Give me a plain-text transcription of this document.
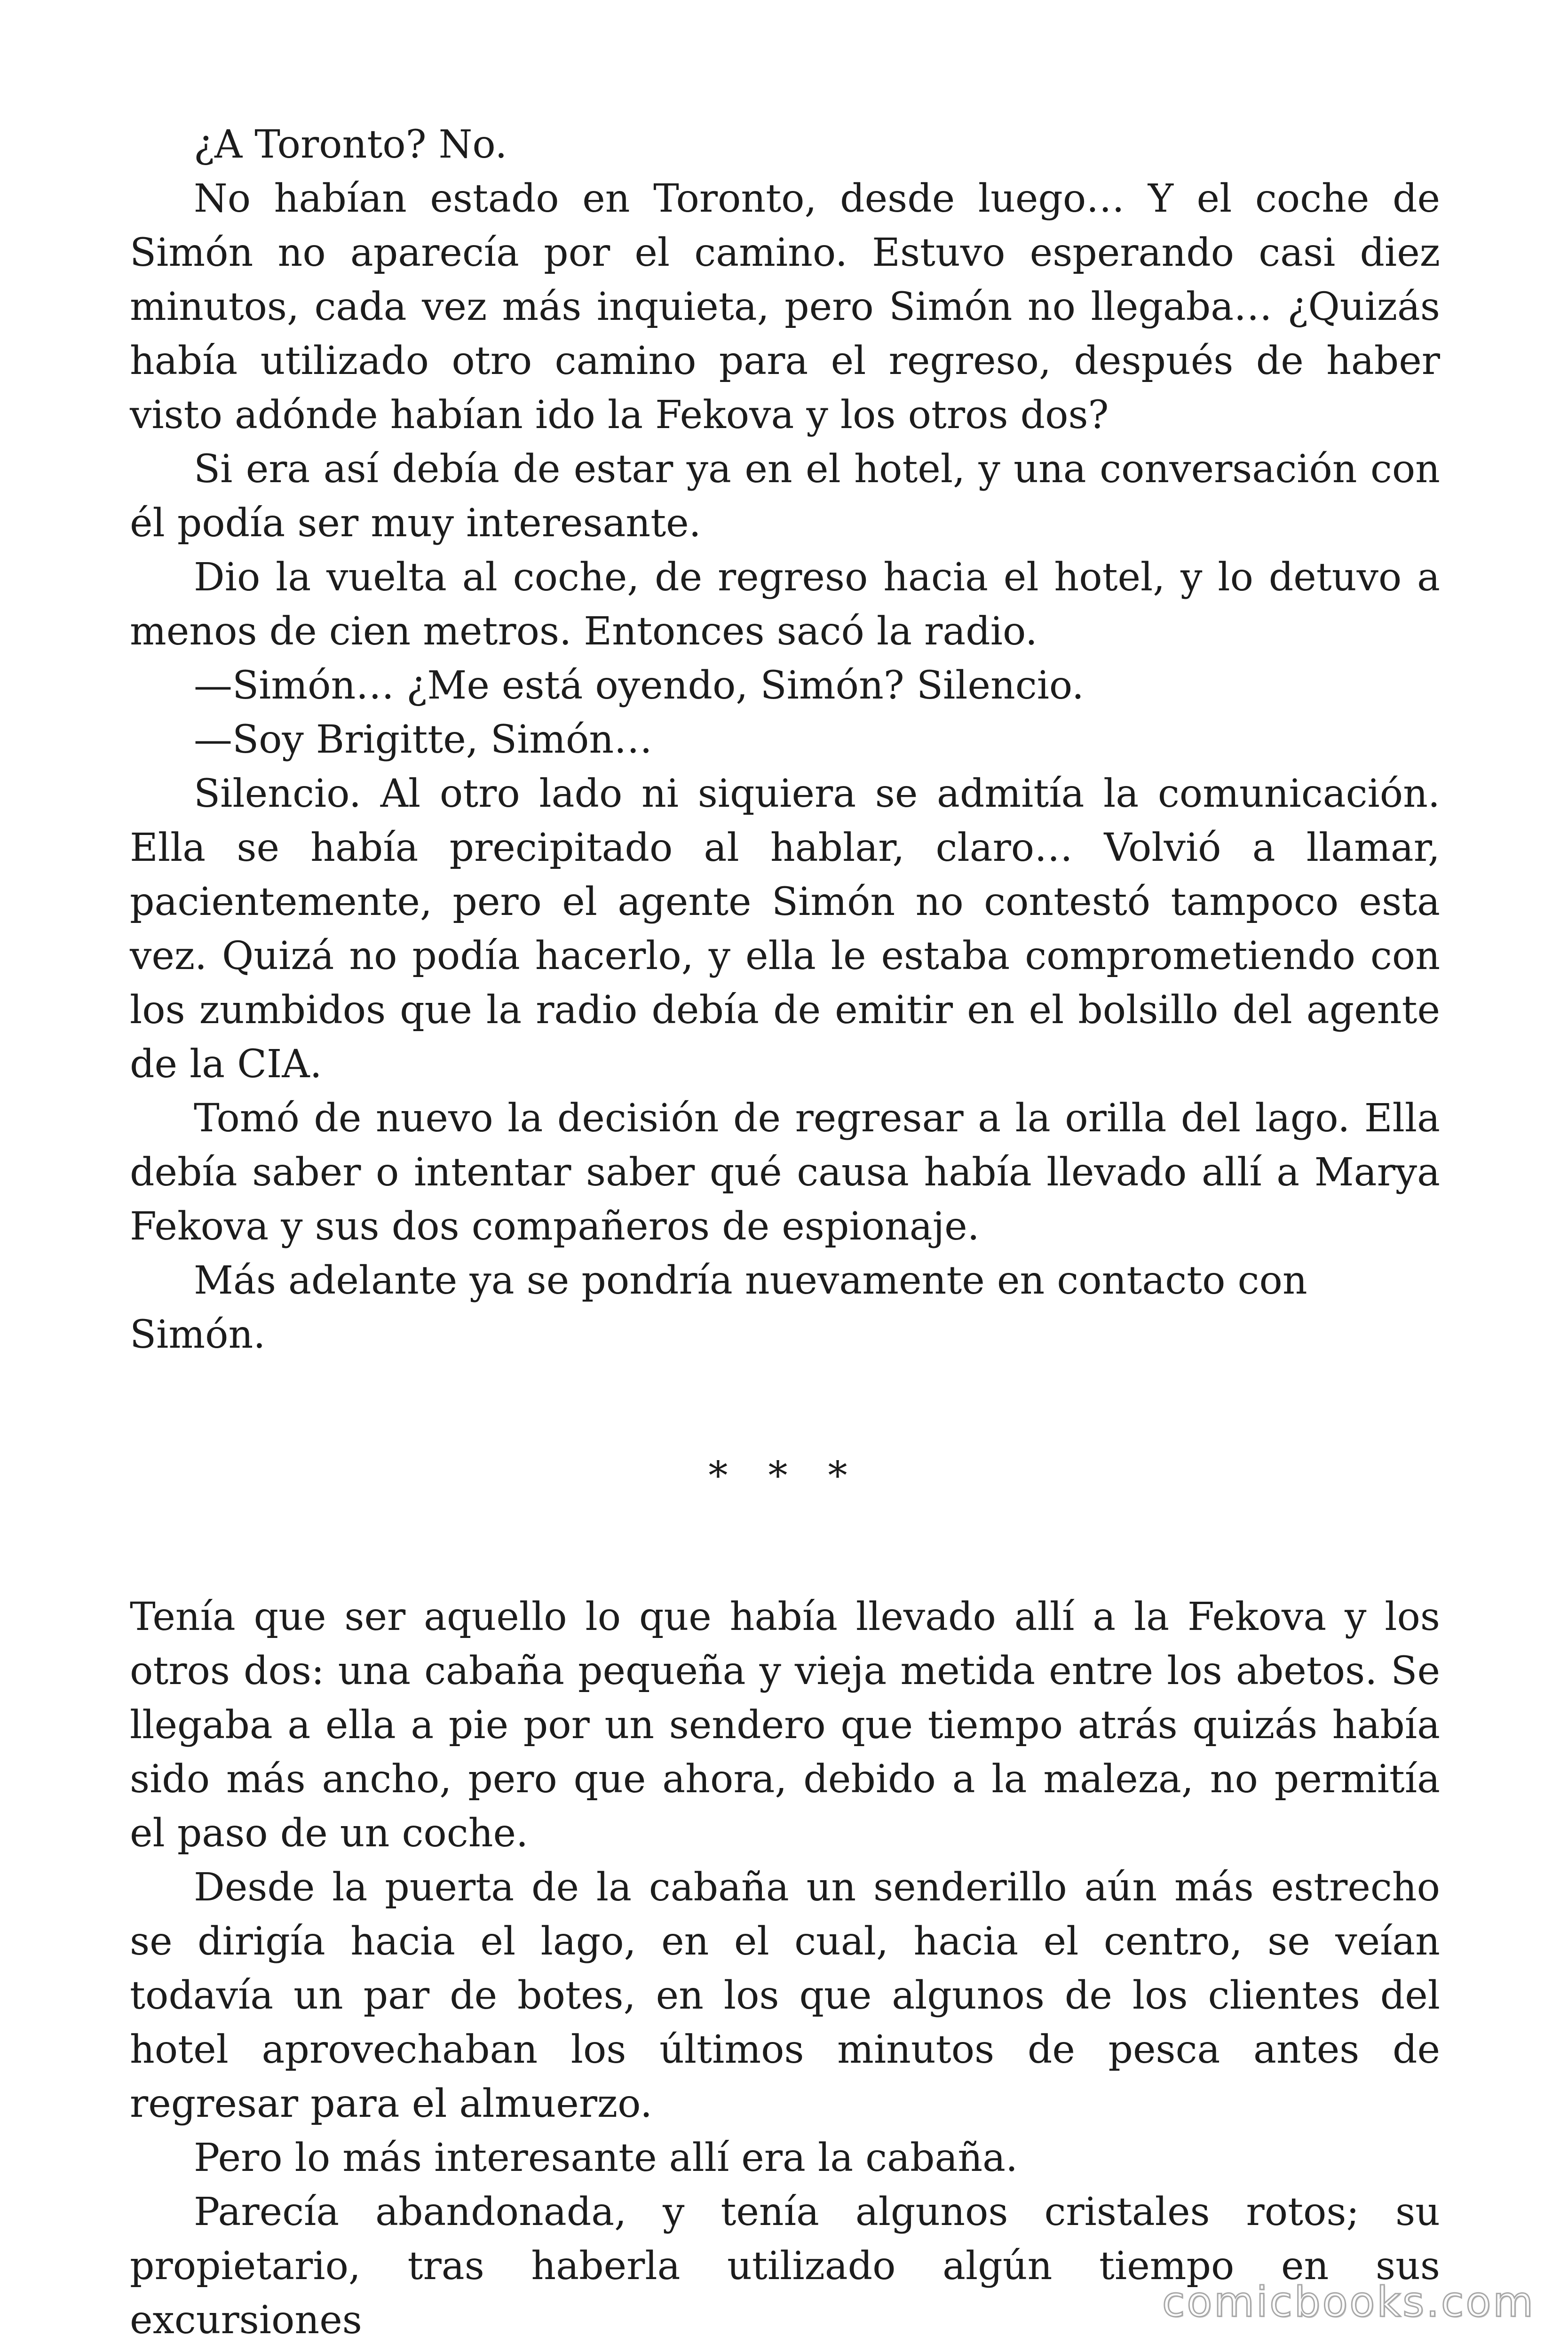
¿A Toronto? No.

No habían estado en Toronto, desde luego… Y el coche de Simón no aparecía por el camino. Estuvo esperando casi diez minutos, cada vez más inquieta, pero Simón no llegaba… ¿Quizás había utilizado otro camino para el regreso, después de haber visto adónde habían ido la Fekova y los otros dos?

Si era así debía de estar ya en el hotel, y una conversación con él podía ser muy interesante.

Dio la vuelta al coche, de regreso hacia el hotel, y lo detuvo a menos de cien metros. Entonces sacó la radio.

—Simón… ¿Me está oyendo, Simón? Silencio.

—Soy Brigitte, Simón…

Silencio. Al otro lado ni siquiera se admitía la comunicación. Ella se había precipitado al hablar, claro… Volvió a llamar, pacientemente, pero el agente Simón no contestó tampoco esta vez. Quizá no podía hacerlo, y ella le estaba comprometiendo con los zumbidos que la radio debía de emitir en el bolsillo del agente de la CIA.

Tomó de nuevo la decisión de regresar a la orilla del lago. Ella debía saber o intentar saber qué causa había llevado allí a Marya Fekova y sus dos compañeros de espionaje.

Más adelante ya se pondría nuevamente en contacto con Simón.

* * *

Tenía que ser aquello lo que había llevado allí a la Fekova y los otros dos: una cabaña pequeña y vieja metida entre los abetos. Se llegaba a ella a pie por un sendero que tiempo atrás quizás había sido más ancho, pero que ahora, debido a la maleza, no permitía el paso de un coche.

Desde la puerta de la cabaña un senderillo aún más estrecho se dirigía hacia el lago, en el cual, hacia el centro, se veían todavía un par de botes, en los que algunos de los clientes del hotel aprovechaban los últimos minutos de pesca antes de regresar para el almuerzo.

Pero lo más interesante allí era la cabaña.

Parecía abandonada, y tenía algunos cristales rotos; su propietario, tras haberla utilizado algún tiempo en sus excursiones	comicbooks.com
